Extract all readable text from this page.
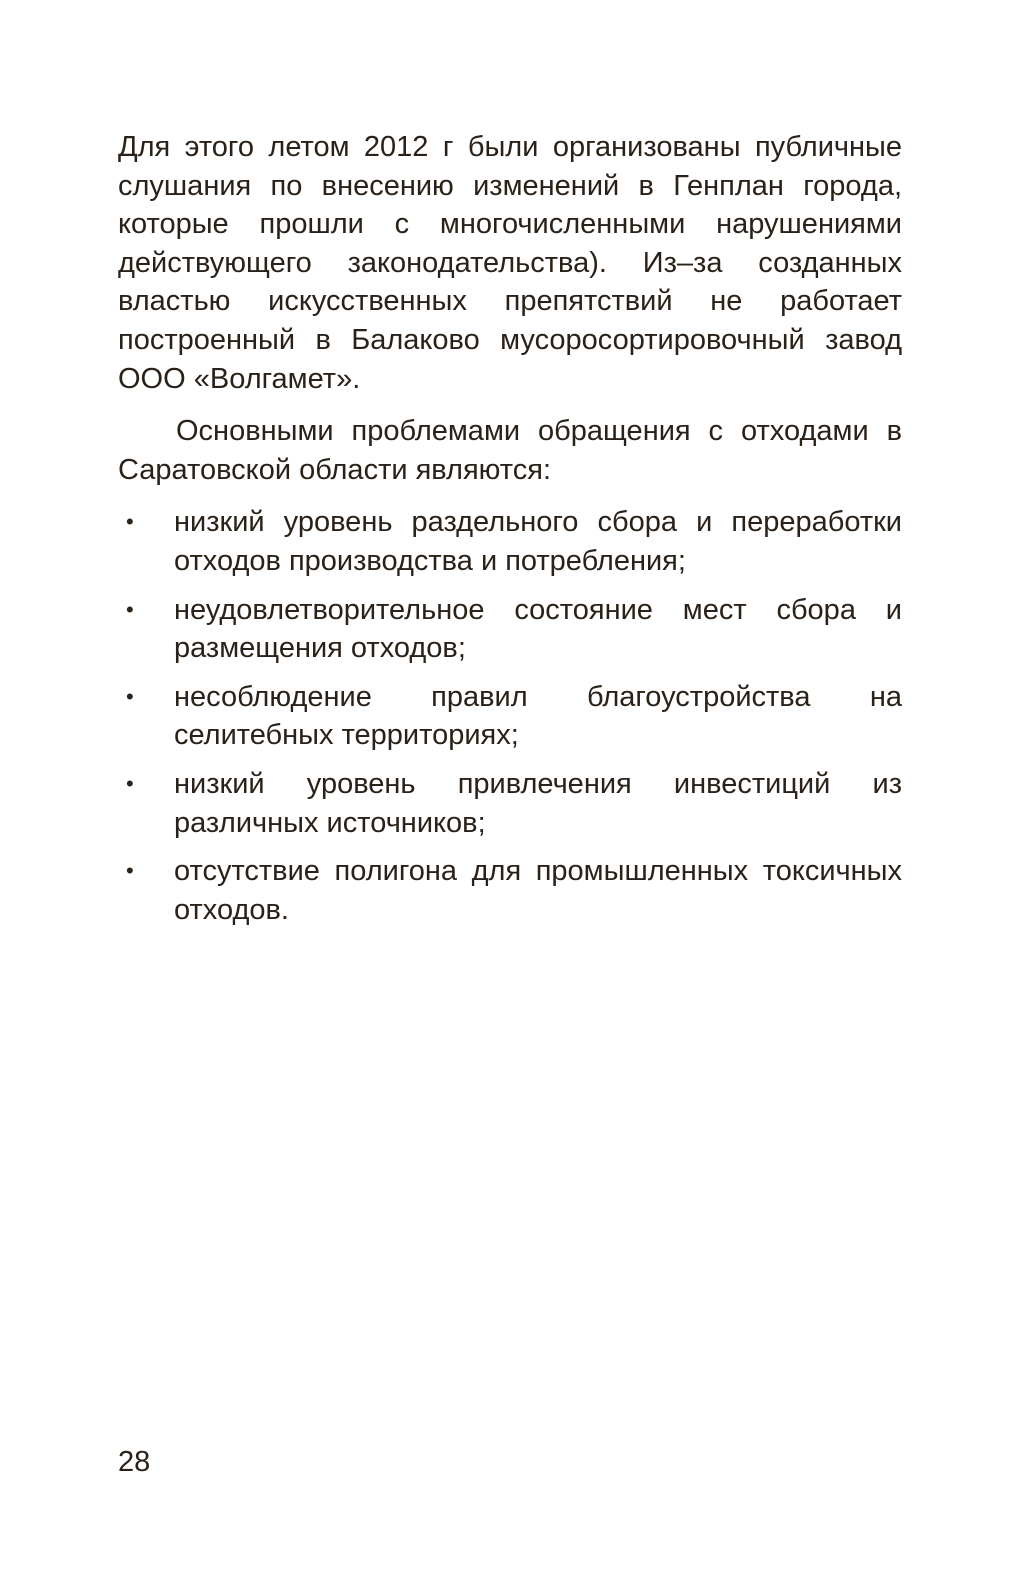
Для этого летом 2012 г были организованы публичные слушания по внесению изменений в Генплан города, которые прошли с многочисленными нарушениями действующего законодательства). Из–за созданных властью искусственных препятствий не работает построенный в Балаково мусоросортировочный завод ООО «Волгамет».

Основными проблемами обращения с отходами в Саратовской области являются:

• низкий уровень раздельного сбора и переработки отходов производства и потребления;
• неудовлетворительное состояние мест сбора и размещения отходов;
• несоблюдение правил благоустройства на селитебных территориях;
• низкий уровень привлечения инвестиций из различных источников;
• отсутствие полигона для промышленных токсичных отходов.
28
